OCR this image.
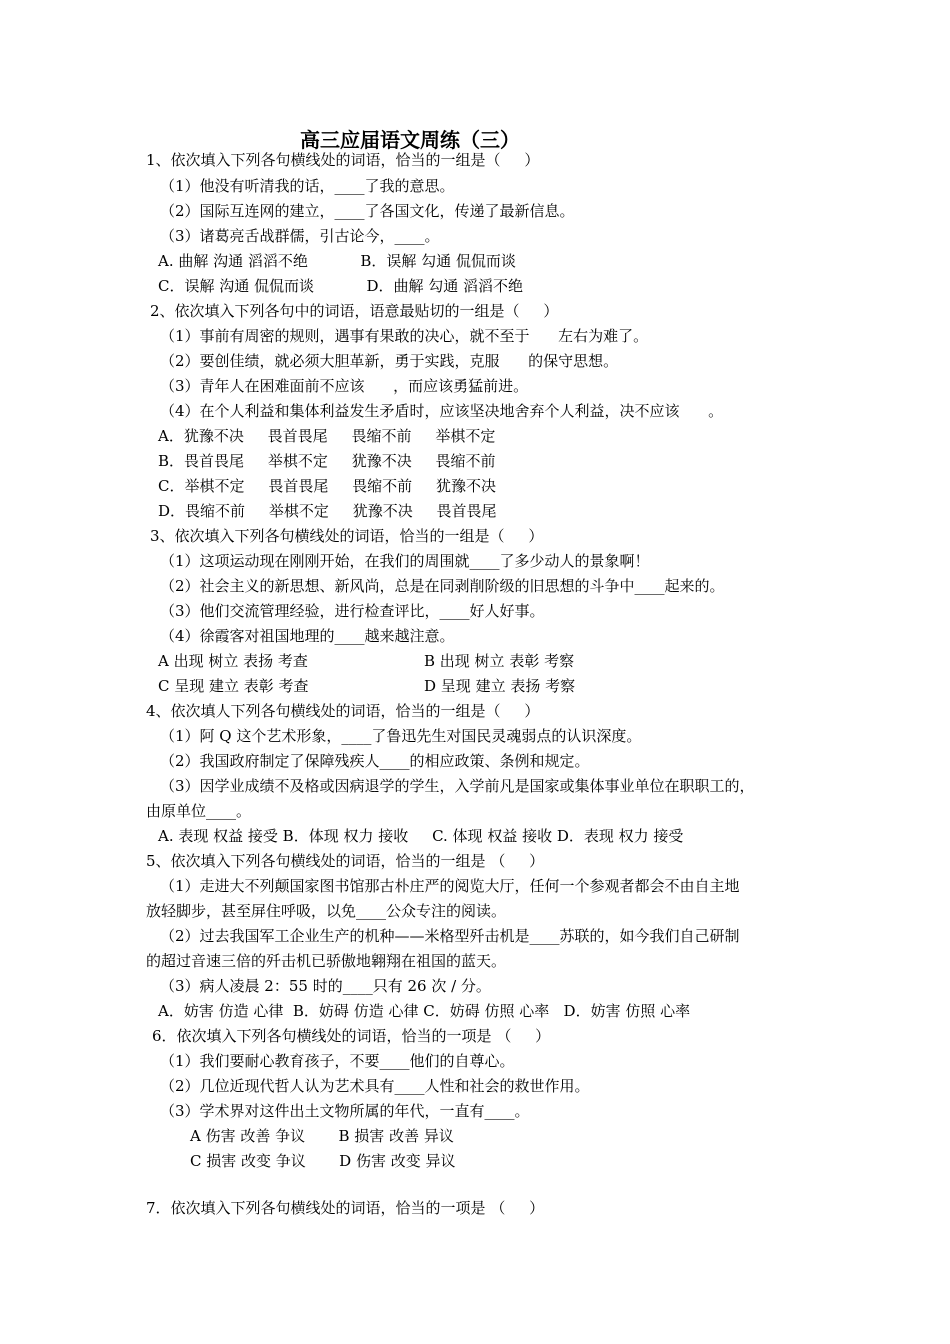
高三应届语文周练（三）
1、依次填入下列各句横线处的词语，恰当的一组是（     ）
（1）他没有听清我的话，____了我的意思。
（2）国际互连网的建立，____了各国文化，传递了最新信息。
（3）诸葛亮舌战群儒，引古论今，____。
A. 曲解 沟通 滔滔不绝           B．误解 勾通 侃侃而谈
C．误解 沟通 侃侃而谈           D．曲解 勾通 滔滔不绝
2、依次填入下列各句中的词语，语意最贴切的一组是（     ）
（1）事前有周密的规则，遇事有果敢的决心，就不至于      左右为难了。
（2）要创佳绩，就必须大胆革新，勇于实践，克服      的保守思想。
（3）青年人在困难面前不应该      ，而应该勇猛前进。
（4）在个人利益和集体利益发生矛盾时，应该坚决地舍弃个人利益，决不应该      。
A．犹豫不决     畏首畏尾     畏缩不前     举棋不定
B．畏首畏尾     举棋不定     犹豫不决     畏缩不前
C．举棋不定     畏首畏尾     畏缩不前     犹豫不决
D．畏缩不前     举棋不定     犹豫不决     畏首畏尾
3、依次填入下列各句横线处的词语，恰当的一组是（     ）
（1）这项运动现在刚刚开始，在我们的周围就____了多少动人的景象啊！
（2）社会主义的新思想、新风尚，总是在同剥削阶级的旧思想的斗争中____起来的。
（3）他们交流管理经验，进行检查评比，____好人好事。
（4）徐霞客对祖国地理的____越来越注意。
A 出现 树立 表扬 考查	B 出现 树立 表彰 考察
C 呈现 建立 表彰 考查	D 呈现 建立 表扬 考察
4、依次填人下列各句横线处的词语，恰当的一组是（     ）
（1）阿 Q 这个艺术形象，____了鲁迅先生对国民灵魂弱点的认识深度。
（2）我国政府制定了保障残疾人____的相应政策、条例和规定。
（3）因学业成绩不及格或因病退学的学生，入学前凡是国家或集体事业单位在职职工的，
由原单位____。
A. 表现 权益 接受 B．体现 权力 接收     C. 体现 权益 接收 D．表现 权力 接受
5、依次填入下列各句横线处的词语，恰当的一组是 （     ）
（1）走进大不列颠国家图书馆那古朴庄严的阅览大厅，任何一个参观者都会不由自主地
放轻脚步，甚至屏住呼吸，以免____公众专注的阅读。
（2）过去我国军工企业生产的机种——米格型歼击机是____苏联的，如今我们自己研制
的超过音速三倍的歼击机已骄傲地翱翔在祖国的蓝天。
（3）病人凌晨 2：55 时的____只有 26 次 / 分。
A．妨害 仿造 心律  B．妨碍 仿造 心律 C．妨碍 仿照 心率   D．妨害 仿照 心率
6．依次填入下列各句横线处的词语，恰当的一项是 （     ）
（1）我们要耐心教育孩子，不要____他们的自尊心。
（2）几位近现代哲人认为艺术具有____人性和社会的救世作用。
（3）学术界对这件出土文物所属的年代，一直有____。
A 伤害 改善 争议       B 损害 改善 异议
C 损害 改变 争议       D 伤害 改变 异议
7．依次填入下列各句横线处的词语，恰当的一项是 （     ）
